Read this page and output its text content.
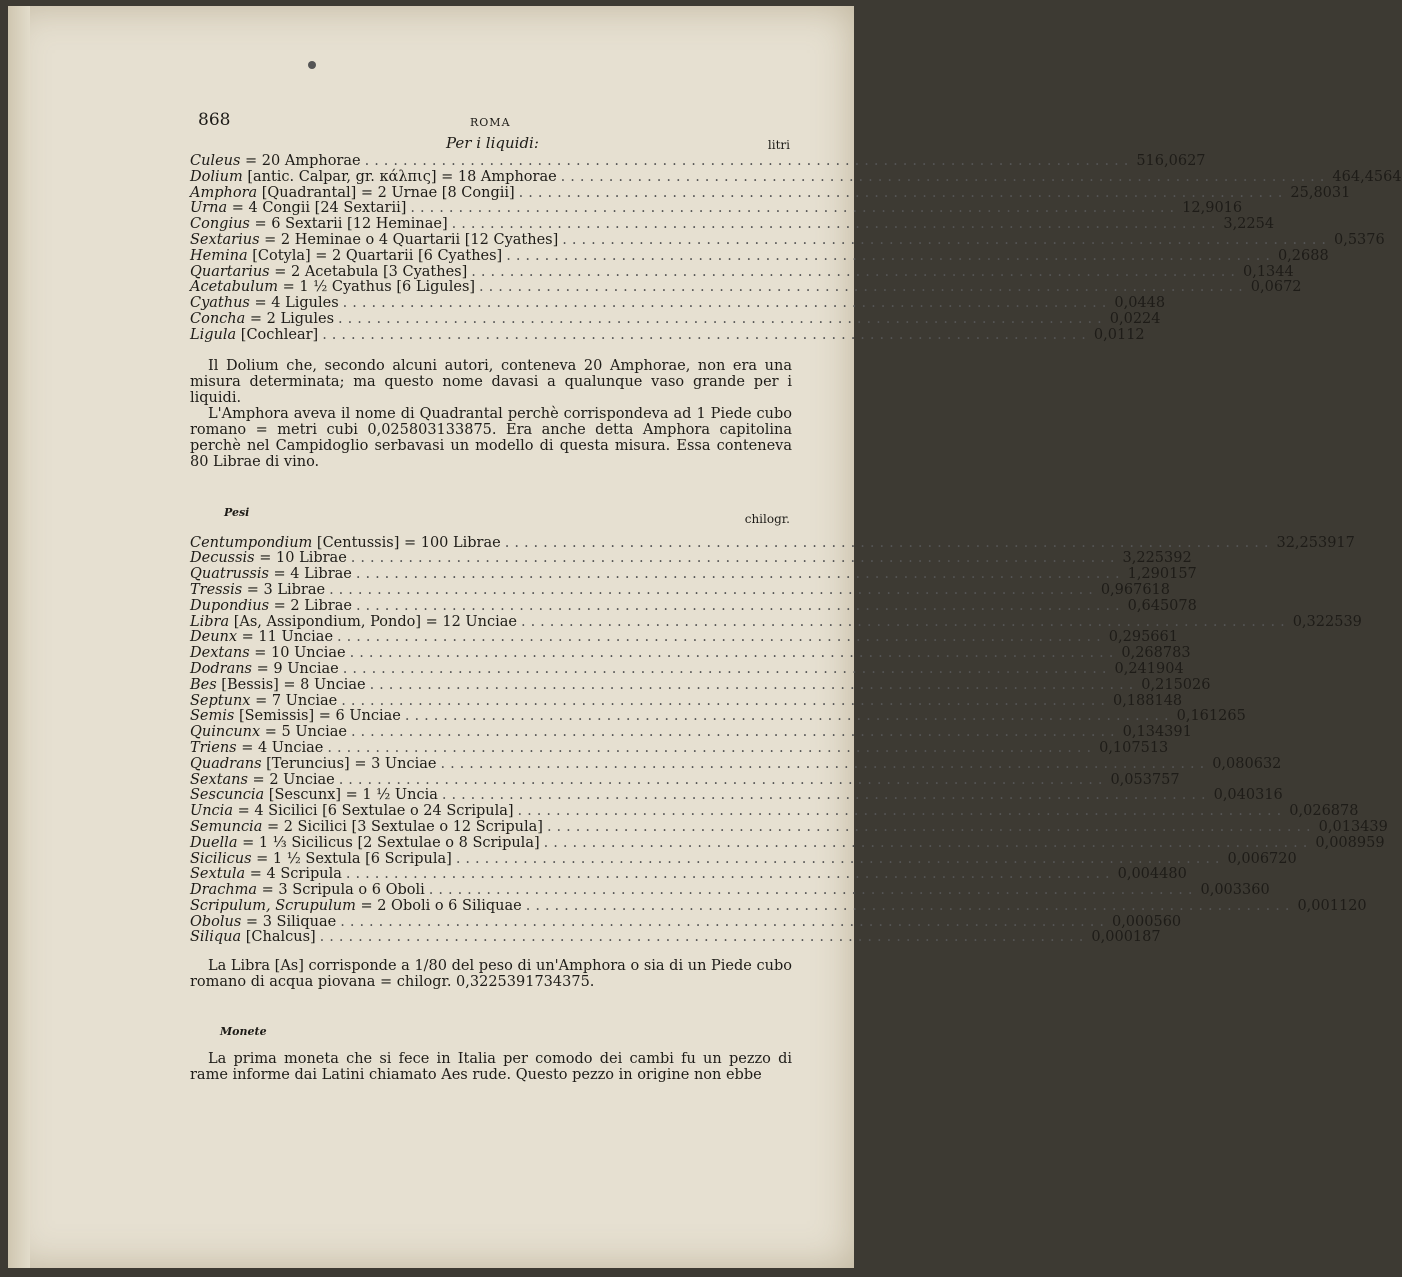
868	ROMA
Per i liquidi:	litri
Culeus = 20 Amphorae ................................................................................ 516,0627
Dolium [antic. Calpar, gr. κάλπις] = 18 Amphorae ................................................................................ 464,4564
Amphora [Quadrantal] = 2 Urnae [8 Congii] ................................................................................ 25,8031
Urna = 4 Congii [24 Sextarii] ................................................................................ 12,9016
Congius = 6 Sextarii [12 Heminae] ................................................................................ 3,2254
Sextarius = 2 Heminae o 4 Quartarii [12 Cyathes] ................................................................................ 0,5376
Hemina [Cotyla] = 2 Quartarii [6 Cyathes] ................................................................................ 0,2688
Quartarius = 2 Acetabula [3 Cyathes] ................................................................................ 0,1344
Acetabulum = 1 ½ Cyathus [6 Ligules] ................................................................................ 0,0672
Cyathus = 4 Ligules ................................................................................ 0,0448
Concha = 2 Ligules ................................................................................ 0,0224
Ligula [Cochlear] ................................................................................ 0,0112

Il Dolium che, secondo alcuni autori, conteneva 20 Amphorae, non era una misura determinata; ma questo nome davasi a qualunque vaso grande per i liquidi.

L'Amphora aveva il nome di Quadrantal perchè corrispondeva ad 1 Piede cubo romano = metri cubi 0,025803133875. Era anche detta Amphora capitolina perchè nel Campidoglio serbavasi un modello di questa misura. Essa conteneva 80 Librae di vino.

Pesi	chilogr.
Centumpondium [Centussis] = 100 Librae ................................................................................ 32,253917
Decussis = 10 Librae ................................................................................ 3,225392
Quatrussis = 4 Librae ................................................................................ 1,290157
Tressis = 3 Librae ................................................................................ 0,967618
Dupondius = 2 Librae ................................................................................ 0,645078
Libra [As, Assipondium, Pondo] = 12 Unciae ................................................................................ 0,322539
Deunx = 11 Unciae ................................................................................ 0,295661
Dextans = 10 Unciae ................................................................................ 0,268783
Dodrans = 9 Unciae ................................................................................ 0,241904
Bes [Bessis] = 8 Unciae ................................................................................ 0,215026
Septunx = 7 Unciae ................................................................................ 0,188148
Semis [Semissis] = 6 Unciae ................................................................................ 0,161265
Quincunx = 5 Unciae ................................................................................ 0,134391
Triens = 4 Unciae ................................................................................ 0,107513
Quadrans [Teruncius] = 3 Unciae ................................................................................ 0,080632
Sextans = 2 Unciae ................................................................................ 0,053757
Sescuncia [Sescunx] = 1 ½ Uncia ................................................................................ 0,040316
Uncia = 4 Sicilici [6 Sextulae o 24 Scripula] ................................................................................ 0,026878
Semuncia = 2 Sicilici [3 Sextulae o 12 Scripula] ................................................................................ 0,013439
Duella = 1 ⅓ Sicilicus [2 Sextulae o 8 Scripula] ................................................................................ 0,008959
Sicilicus = 1 ½ Sextula [6 Scripula] ................................................................................ 0,006720
Sextula = 4 Scripula ................................................................................ 0,004480
Drachma = 3 Scripula o 6 Oboli ................................................................................ 0,003360
Scripulum, Scrupulum = 2 Oboli o 6 Siliquae ................................................................................ 0,001120
Obolus = 3 Siliquae ................................................................................ 0,000560
Siliqua [Chalcus] ................................................................................ 0,000187

La Libra [As] corrisponde a 1/80 del peso di un'Amphora o sia di un Piede cubo romano di acqua piovana = chilogr. 0,3225391734375.

Monete

La prima moneta che si fece in Italia per comodo dei cambi fu un pezzo di rame informe dai Latini chiamato Aes rude. Questo pezzo in origine non ebbe
